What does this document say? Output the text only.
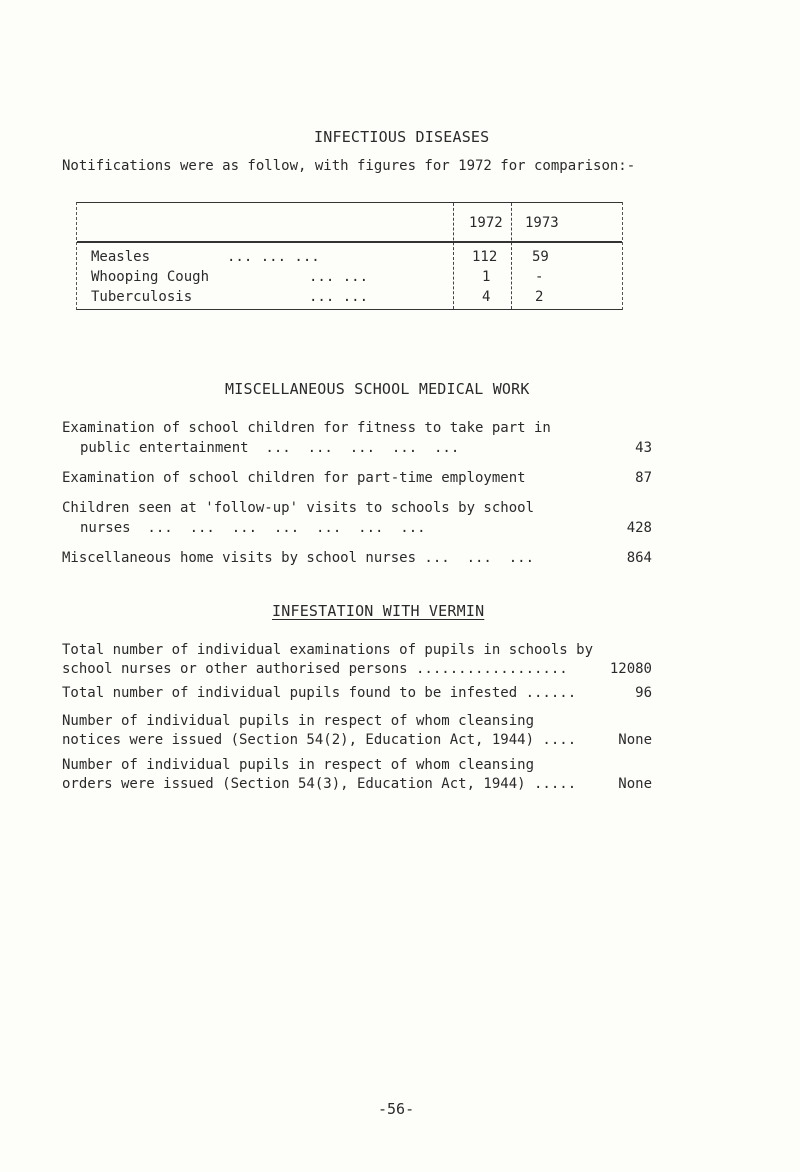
INFECTIOUS DISEASES
Notifications were as follow, with figures for 1972 for comparison:-
1972 1973
Measles	... ... ...	112 59
Whooping Cough	... ...	1	-
Tuberculosis	... ...	4	2
MISCELLANEOUS SCHOOL MEDICAL WORK
Examination of school children for fitness to take part in
public entertainment  ...  ...  ...  ...  ...	43
Examination of school children for part-time employment	87
Children seen at 'follow-up' visits to schools by school
nurses  ...  ...  ...  ...  ...  ...  ...	428
Miscellaneous home visits by school nurses ...  ...  ...	864
INFESTATION WITH VERMIN
Total number of individual examinations of pupils in schools by
school nurses or other authorised persons ..................	12080
Total number of individual pupils found to be infested ......	96
Number of individual pupils in respect of whom cleansing
notices were issued (Section 54(2), Education Act, 1944) ....	None
Number of individual pupils in respect of whom cleansing
orders were issued (Section 54(3), Education Act, 1944) .....	None
-56-
